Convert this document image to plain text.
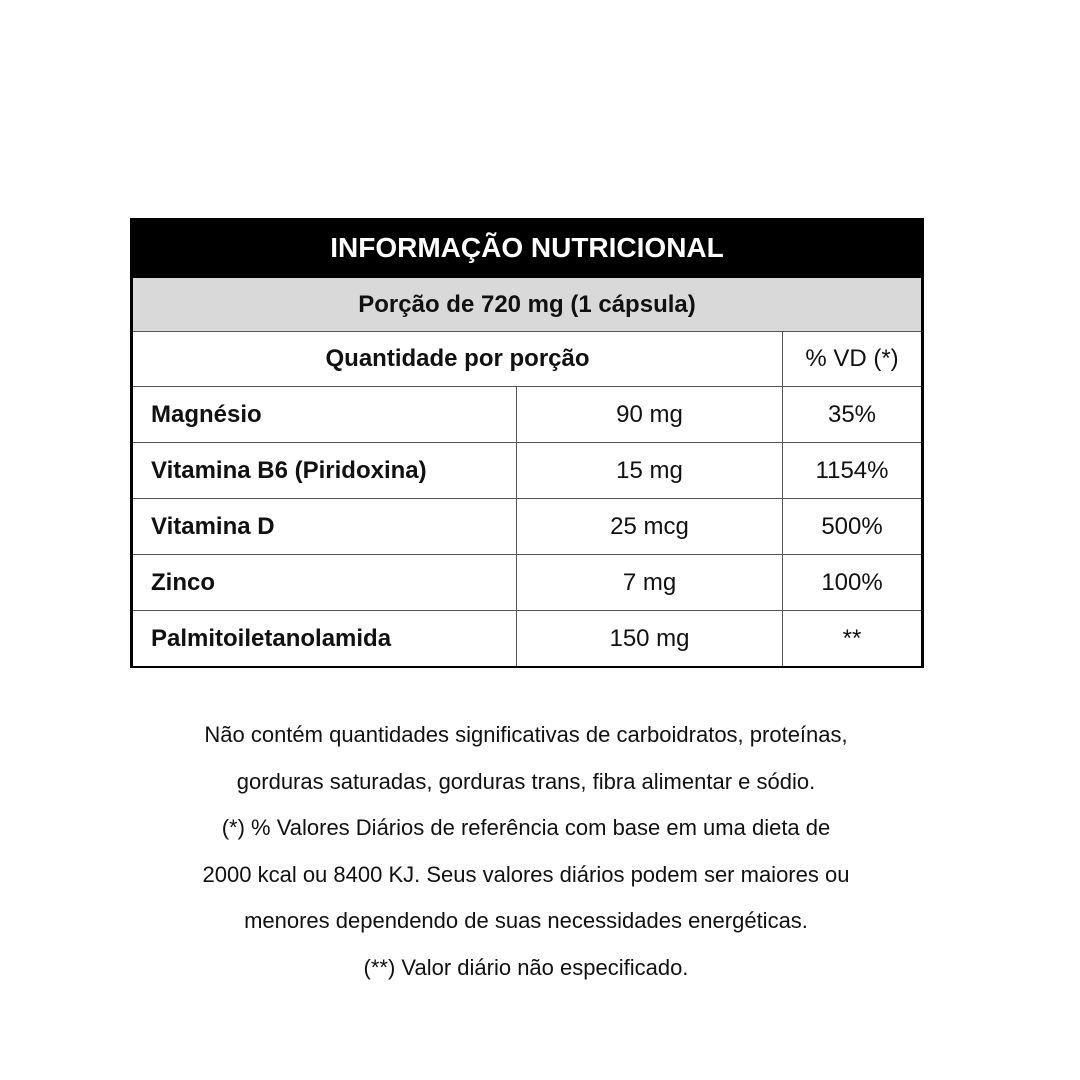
INFORMAÇÃO NUTRICIONAL		
Porção de 720 mg (1 cápsula)		
Quantidade por porção		% VD (*)
Magnésio	90 mg	35%
Vitamina B6 (Piridoxina)	15 mg	1154%
Vitamina D	25 mcg	500%
Zinco	7 mg	100%
Palmitoiletanolamida	150 mg	**

Não contém quantidades significativas de carboidratos, proteínas,

gorduras saturadas, gorduras trans, fibra alimentar e sódio.

(*) % Valores Diários de referência com base em uma dieta de

2000 kcal ou 8400 KJ. Seus valores diários podem ser maiores ou

menores dependendo de suas necessidades energéticas.

(**) Valor diário não especificado.
